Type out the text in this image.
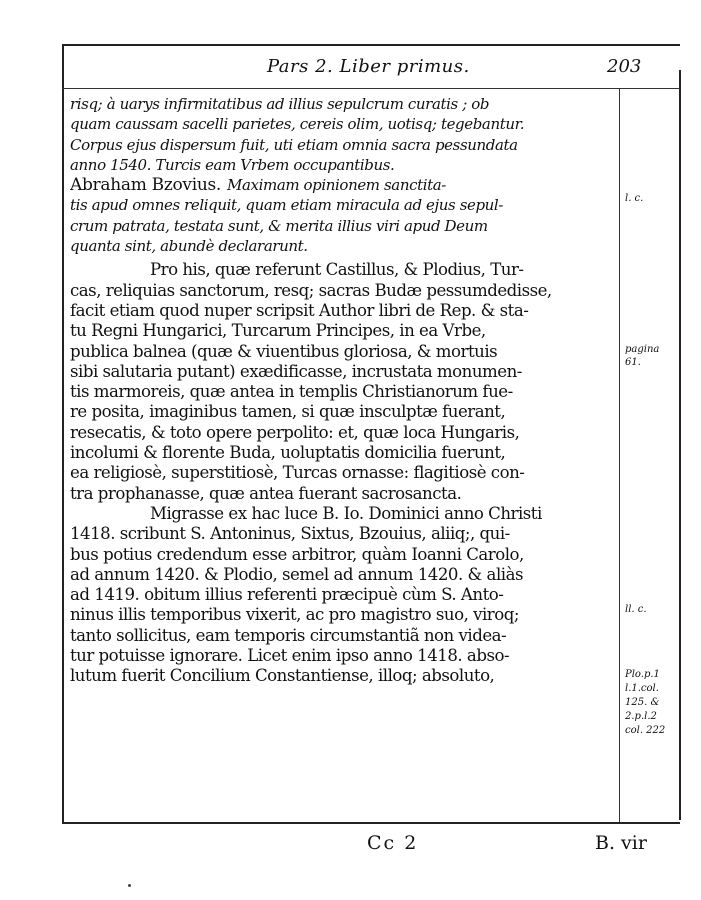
Pars 2. Liber primus.	203
risq; à uarys infirmitatibus ad illius sepulcrum curatis ; ob
quam caussam sacelli parietes, cereis olim, uotisq; tegebantur.
Corpus ejus dispersum fuit, uti etiam omnia sacra pessundata
anno 1540. Turcis eam Vrbem occupantibus.
Abraham Bzovius. Maximam opinionem sanctita-
tis apud omnes reliquit, quam etiam miracula ad ejus sepul-
crum patrata, testata sunt, & merita illius viri apud Deum
quanta sint, abundè declararunt.
Pro his, quæ referunt Castillus, & Plodius, Tur-
cas, reliquias sanctorum, resq; sacras Budæ pessumdedisse,
facit etiam quod nuper scripsit Author libri de Rep. & sta-
tu Regni Hungarici, Turcarum Principes, in ea Vrbe,
publica balnea (quæ & viuentibus gloriosa, & mortuis
sibi salutaria putant) exædificasse, incrustata monumen-
tis marmoreis, quæ antea in templis Christianorum fue-
re posita, imaginibus tamen, si quæ insculptæ fuerant,
resecatis, & toto opere perpolito: et, quæ loca Hungaris,
incolumi & florente Buda, uoluptatis domicilia fuerunt,
ea religiosè, superstitiosè, Turcas ornasse: flagitiosè con-
tra prophanasse, quæ antea fuerant sacrosancta.
Migrasse ex hac luce B. Io. Dominici anno Christi
1418. scribunt S. Antoninus, Sixtus, Bzouius, aliiq;, qui-
bus potius credendum esse arbitror, quàm Ioanni Carolo,
ad annum 1420. & Plodio, semel ad annum 1420. & aliàs
ad 1419. obitum illius referenti præcipuè cùm S. Anto-
ninus illis temporibus vixerit, ac pro magistro suo, viroq;
tanto sollicitus, eam temporis circumstantiã non videa-
tur potuisse ignorare. Licet enim ipso anno 1418. abso-
lutum fuerit Concilium Constantiense, illoq; absoluto,
l. c.
pagina
61.
ll. c.
Plo.p.1
l.1.col.
125. &
2.p.l.2
col. 222
Cc 2	B. vir
